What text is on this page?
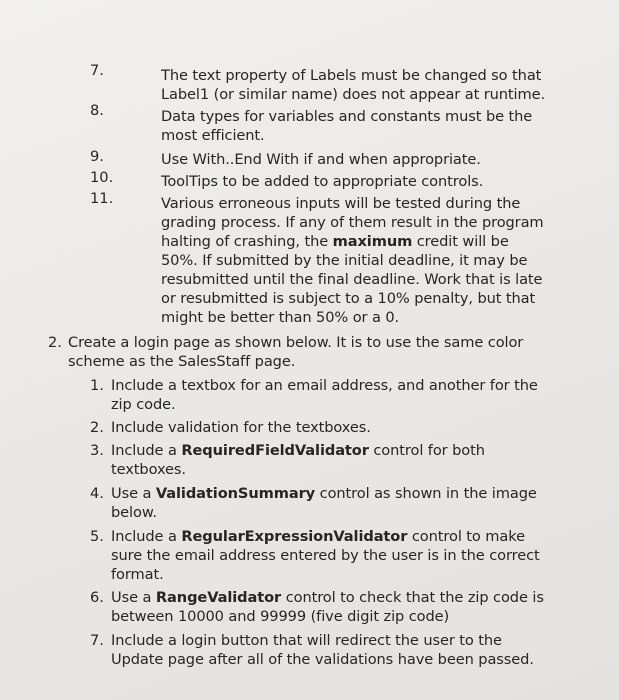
7.	The text property of Labels must be changed so that
Label1 (or similar name) does not appear at runtime.
8.	Data types for variables and constants must be the
most efficient.
9.	Use With..End With if and when appropriate.
10.	ToolTips to be added to appropriate controls.
11.	Various erroneous inputs will be tested during the
grading process. If any of them result in the program
halting of crashing, the maximum credit will be
50%. If submitted by the initial deadline, it may be
resubmitted until the final deadline. Work that is late
or resubmitted is subject to a 10% penalty, but that
might be better than 50% or a 0.
2. Create a login page as shown below. It is to use the same color
scheme as the SalesStaff page.
1. Include a textbox for an email address, and another for the
zip code.
2. Include validation for the textboxes.
3. Include a RequiredFieldValidator control for both
textboxes.
4. Use a ValidationSummary control as shown in the image
below.
5. Include a RegularExpressionValidator control to make
sure the email address entered by the user is in the correct
format.
6. Use a RangeValidator control to check that the zip code is
between 10000 and 99999 (five digit zip code)
7. Include a login button that will redirect the user to the
Update page after all of the validations have been passed.
